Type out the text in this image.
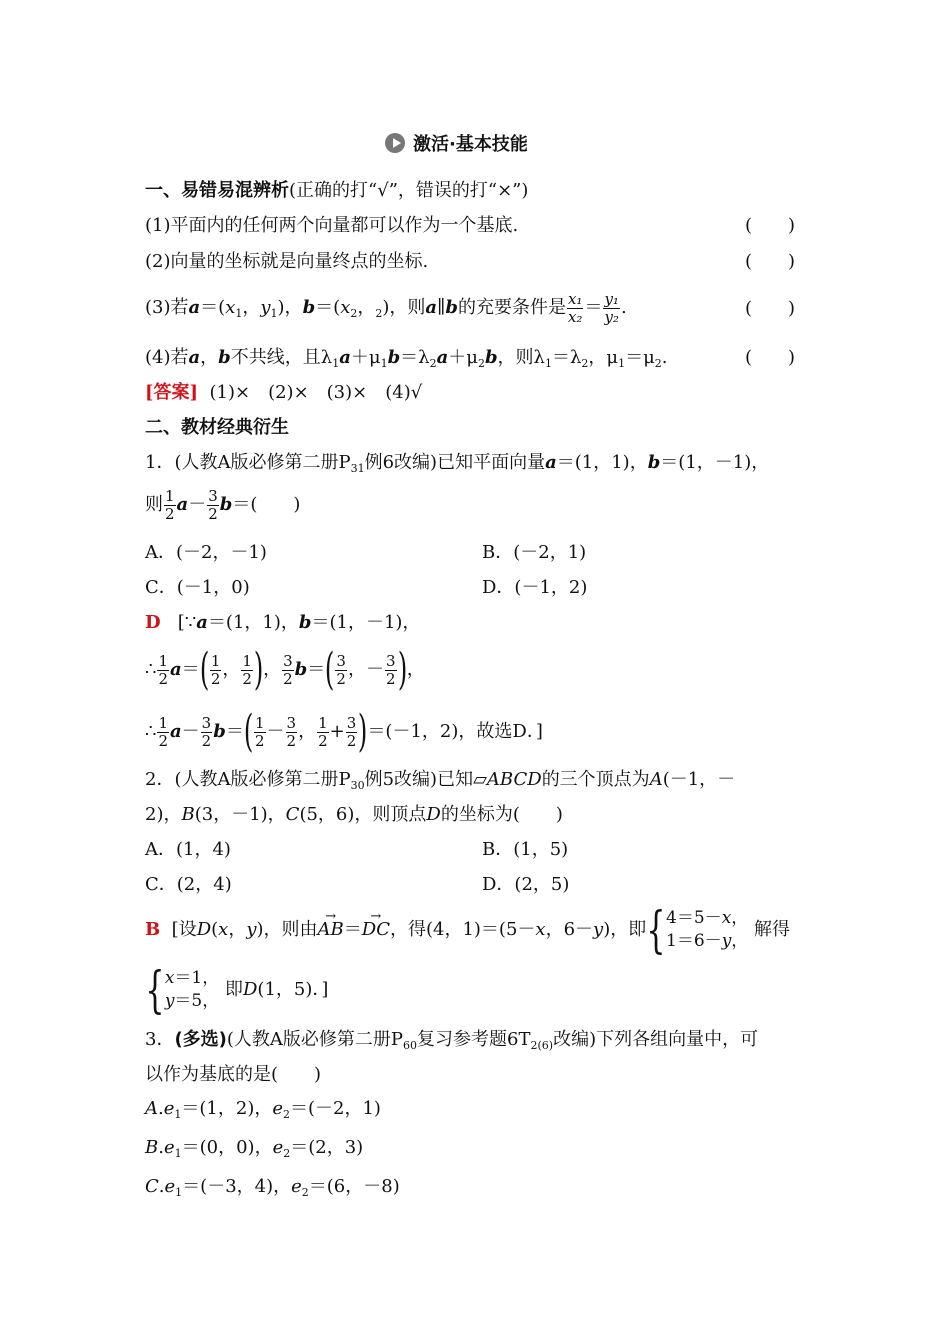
激活·基本技能
一、易错易混辨析(正确的打“√”，错误的打“×”)
(1)平面内的任何两个向量都可以作为一个基底.	(　　)
(2)向量的坐标就是向量终点的坐标.	(　　)
(3)若$a=(x_1$，$y_1$)，$b=(x_2$，$_2$)，则a∥b的充要条件是 $\frac{\text{x₁}}{\text{x₂}} = \frac{\text{y₁}}{\text{y₂}}$ .	(　　)
(4)若a，b不共线，且$\lambda_1a+\mu_1b=\lambda_2a+\mu_2b$，则$\lambda_1=\lambda_2$，$\mu_1=\mu_2$.	(　　)
[答案] (1)×　(2)×　(3)×　(4)√
二、教材经典衍生
1．(人教A版必修第二册$P_{31}$例6改编)已知平面向量a＝(1，1)，b＝(1，－1)，
则 $\frac{1}{2} a- \frac{3}{2} b=$(　　)
A．(－2，－1)	B．(－2，1)
C．(－1，0)	D．(－1，2)
D [∵a＝(1，1)，b＝(1，－1)，
∴ $\frac{1}{2} a=( \frac{1}{2}$ ， $\frac{1}{2}$ )， $\frac{3}{2} b=( \frac{3}{2}$ ，－ $\frac{3}{2}$ )，
∴ $\frac{1}{2} a- \frac{3}{2} b=( \frac{1}{2} - \frac{3}{2}$ ， $\frac{1}{2} + \frac{3}{2} )=(-1$，2)，故选D．]
2．(人教A版必修第二册$P_{30}$例5改编)已知▱ABCD的三个顶点为A(－1，－
2)，B(3，－1)，C(5，6)，则顶点D的坐标为(　　)
A．(1，4)	B．(1，5)
C．(2，4)	D．(2，5)
B [设D(x，y)，则由→ AB＝→ DC，得(4，1)＝(5－x，6－y)，即{ 4＝5－x，
1＝6－y，
解得
{ x＝1，
y＝5，
即D(1，5)．]
3．(多选)(人教A版必修第二册$P_{60}$复习参考题$6T_{2(6)}$改编)下列各组向量中，可
以作为基底的是(　　)
$A.e_1=(1$，2)，$e_2=(-2$，1)
$B.e_1=(0$，0)，$e_2=(2$，3)
$C.e_1=(-3$，4)，$e_2=(6$，－8)
